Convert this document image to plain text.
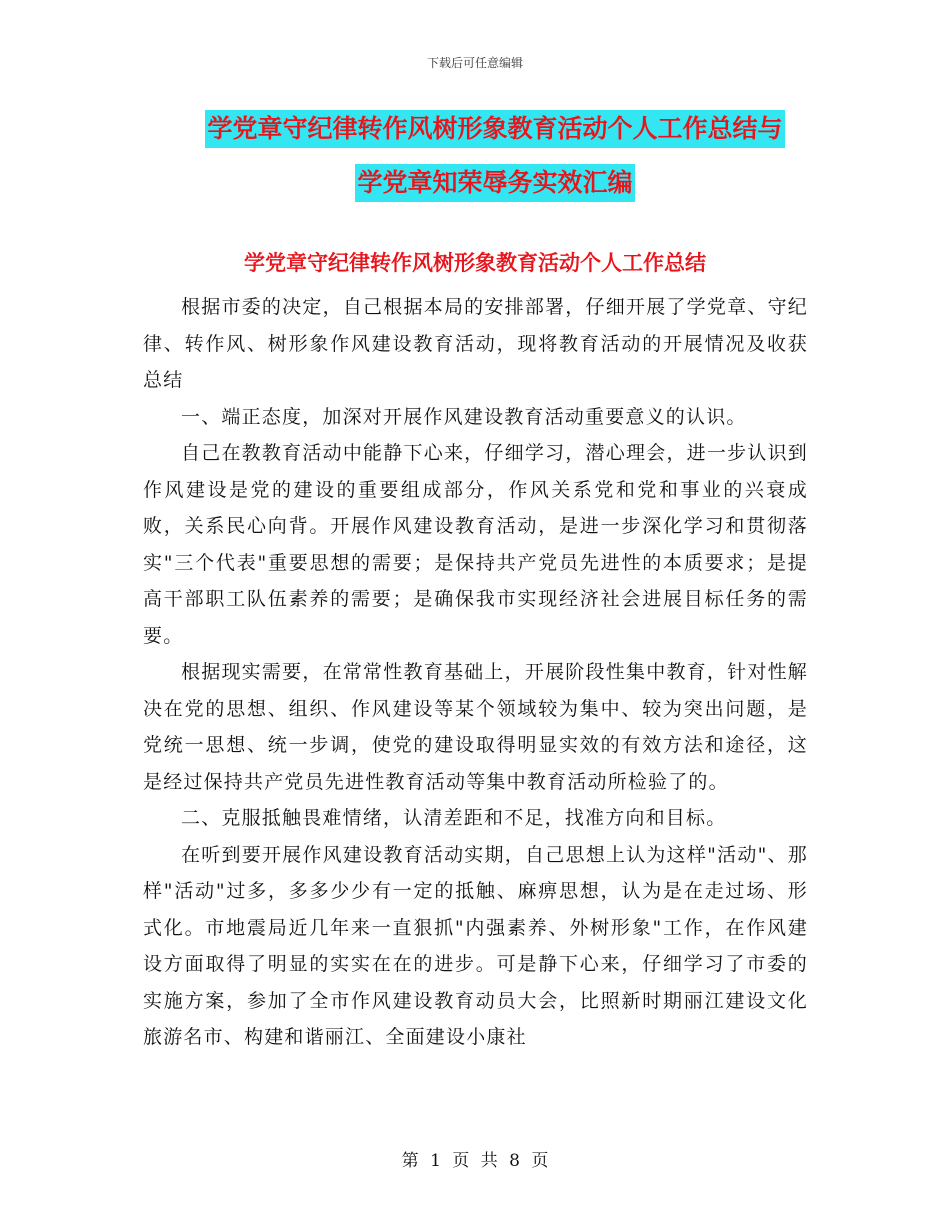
下载后可任意编辑
学党章守纪律转作风树形象教育活动个人工作总结与
学党章知荣辱务实效汇编
学党章守纪律转作风树形象教育活动个人工作总结

根据市委的决定，自己根据本局的安排部署，仔细开展了学党章、守纪律、转作风、树形象作风建设教育活动，现将教育活动的开展情况及收获总结

一、端正态度，加深对开展作风建设教育活动重要意义的认识。

自己在教教育活动中能静下心来，仔细学习，潜心理会，进一步认识到作风建设是党的建设的重要组成部分，作风关系党和党和事业的兴衰成败，关系民心向背。开展作风建设教育活动，是进一步深化学习和贯彻落实"三个代表"重要思想的需要；是保持共产党员先进性的本质要求；是提高干部职工队伍素养的需要；是确保我市实现经济社会进展目标任务的需要。

根据现实需要，在常常性教育基础上，开展阶段性集中教育，针对性解决在党的思想、组织、作风建设等某个领域较为集中、较为突出问题，是党统一思想、统一步调，使党的建设取得明显实效的有效方法和途径，这是经过保持共产党员先进性教育活动等集中教育活动所检验了的。

二、克服抵触畏难情绪，认清差距和不足，找准方向和目标。

在听到要开展作风建设教育活动实期，自己思想上认为这样"活动"、那样"活动"过多，多多少少有一定的抵触、麻痹思想，认为是在走过场、形式化。市地震局近几年来一直狠抓"内强素养、外树形象"工作，在作风建设方面取得了明显的实实在在的进步。可是静下心来，仔细学习了市委的实施方案，参加了全市作风建设教育动员大会，比照新时期丽江建设文化旅游名市、构建和谐丽江、全面建设小康社

第 1 页 共 8 页
